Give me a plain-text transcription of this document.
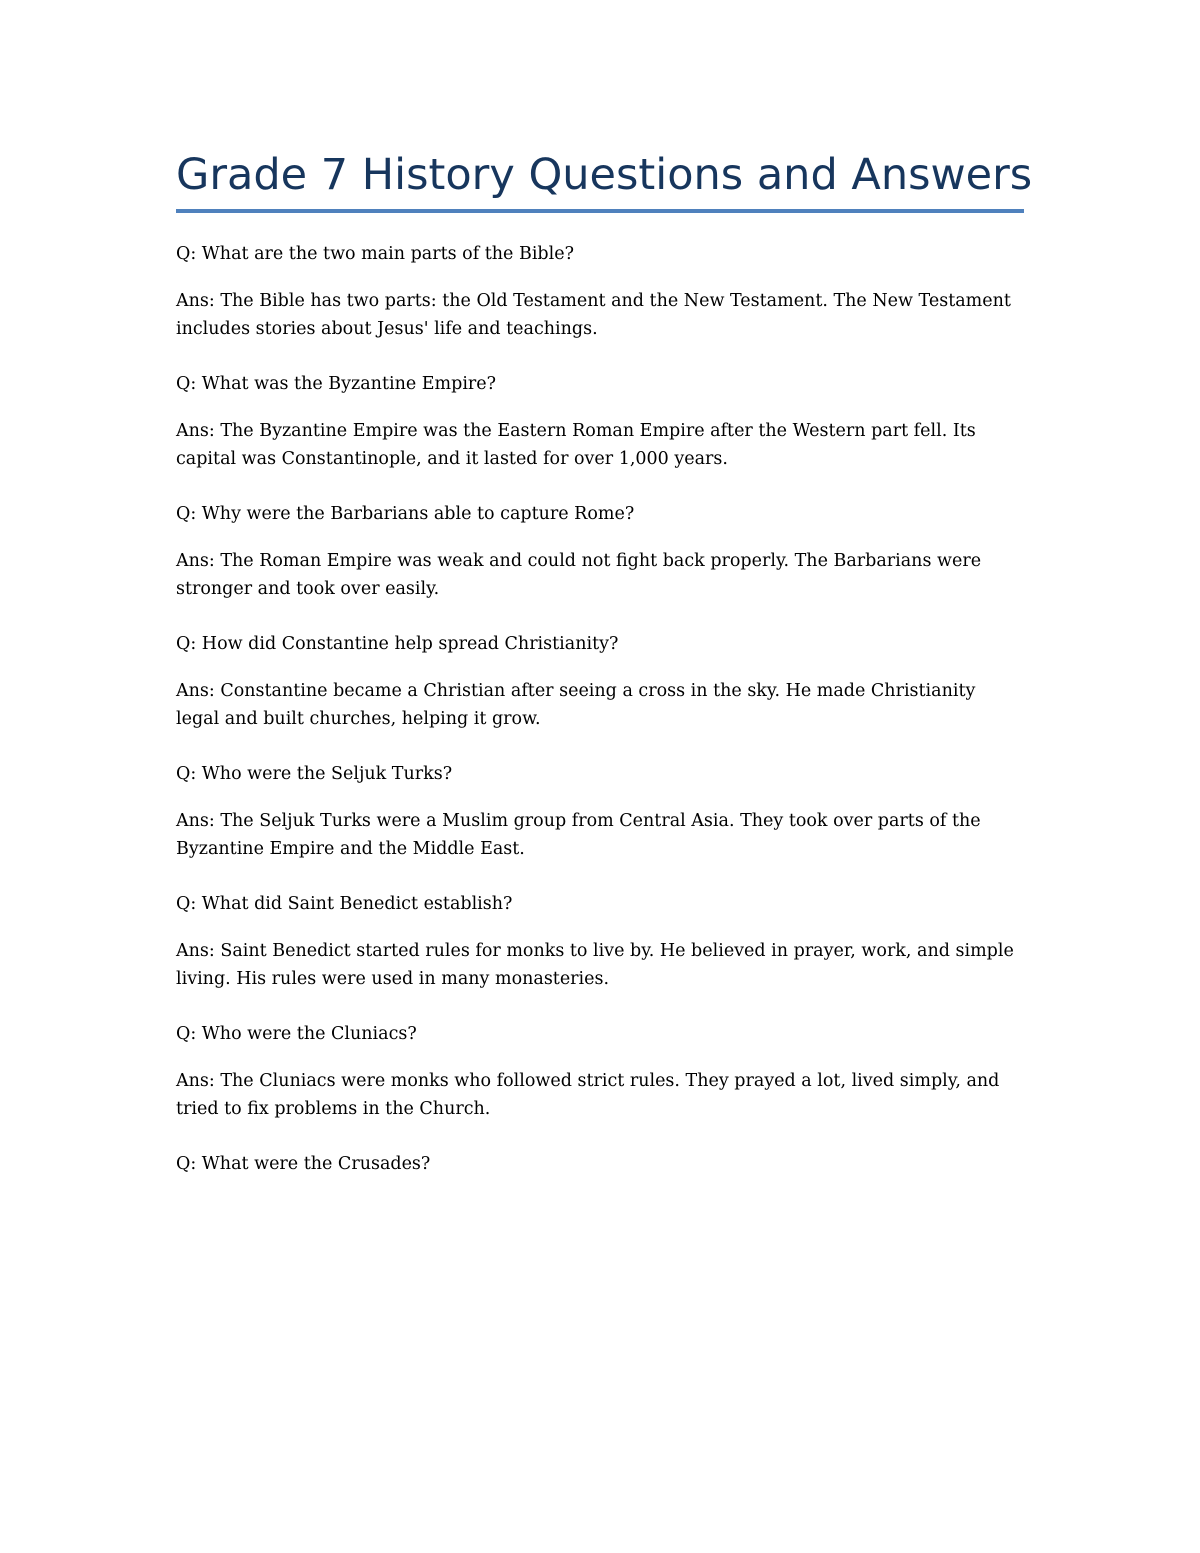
Grade 7 History Questions and Answers

Q: What are the two main parts of the Bible?

Ans: The Bible has two parts: the Old Testament and the New Testament. The New Testament includes stories about Jesus' life and teachings.

Q: What was the Byzantine Empire?

Ans: The Byzantine Empire was the Eastern Roman Empire after the Western part fell. Its capital was Constantinople, and it lasted for over 1,000 years.

Q: Why were the Barbarians able to capture Rome?

Ans: The Roman Empire was weak and could not fight back properly. The Barbarians were stronger and took over easily.

Q: How did Constantine help spread Christianity?

Ans: Constantine became a Christian after seeing a cross in the sky. He made Christianity legal and built churches, helping it grow.

Q: Who were the Seljuk Turks?

Ans: The Seljuk Turks were a Muslim group from Central Asia. They took over parts of the Byzantine Empire and the Middle East.

Q: What did Saint Benedict establish?

Ans: Saint Benedict started rules for monks to live by. He believed in prayer, work, and simple living. His rules were used in many monasteries.

Q: Who were the Cluniacs?

Ans: The Cluniacs were monks who followed strict rules. They prayed a lot, lived simply, and tried to fix problems in the Church.

Q: What were the Crusades?
